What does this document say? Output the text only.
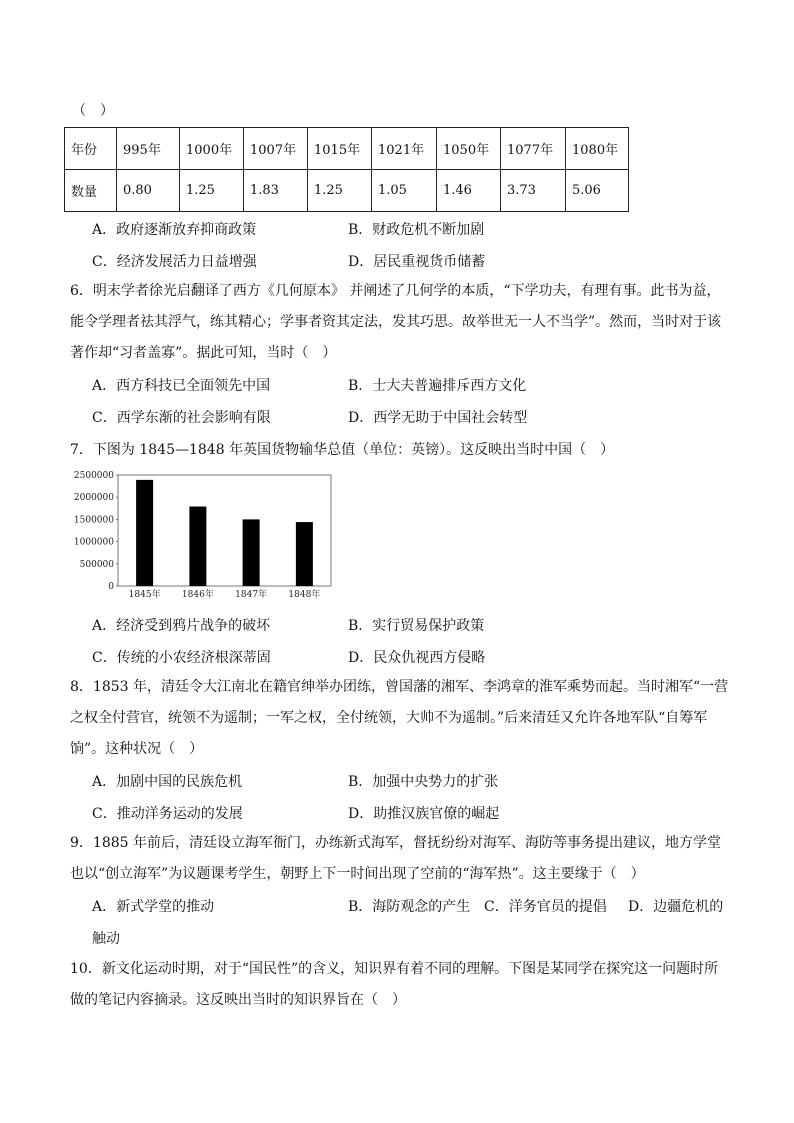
（　）
年份	995年	1000年	1007年	1015年	1021年	1050年	1077年	1080年
数量	0.80	1.25	1.83	1.25	1.05	1.46	3.73	5.06
A．政府逐渐放弃抑商政策	B．财政危机不断加剧
C．经济发展活力日益增强	D．居民重视货币储蓄
6．明末学者徐光启翻译了西方《几何原本》 并阐述了几何学的本质，“下学功夫，有理有事。此书为益，能令学理者祛其浮气，练其精心；学事者资其定法，发其巧思。故举世无一人不当学”。然而，当时对于该著作却“习者盖寡”。据此可知，当时（　）
A．西方科技已全面领先中国	B．士大夫普遍排斥西方文化
C．西学东渐的社会影响有限	D．西学无助于中国社会转型
7．下图为 1845—1848 年英国货物输华总值（单位：英镑）。这反映出当时中国（　）
2500000
2000000
1500000
1000000
500000
0
1845年 1846年 1847年 1848年
A．经济受到鸦片战争的破坏	B．实行贸易保护政策
C．传统的小农经济根深蒂固	D．民众仇视西方侵略
8．1853 年，清廷令大江南北在籍官绅举办团练，曾国藩的湘军、李鸿章的淮军乘势而起。当时湘军“一营之权全付营官，统领不为遥制；一军之权，全付统领，大帅不为遥制。”后来清廷又允许各地军队“自筹军饷”。这种状况（　）
A．加剧中国的民族危机	B．加强中央势力的扩张
C．推动洋务运动的发展	D．助推汉族官僚的崛起
9．1885 年前后，清廷设立海军衙门，办练新式海军，督抚纷纷对海军、海防等事务提出建议，地方学堂也以“创立海军”为议题课考学生，朝野上下一时间出现了空前的“海军热”。这主要缘于（　）
A．新式学堂的推动	B．海防观念的产生 C．洋务官员的提倡 D．边疆危机的
触动
10．新文化运动时期，对于“国民性”的含义，知识界有着不同的理解。下图是某同学在探究这一问题时所做的笔记内容摘录。这反映出当时的知识界旨在（　）
